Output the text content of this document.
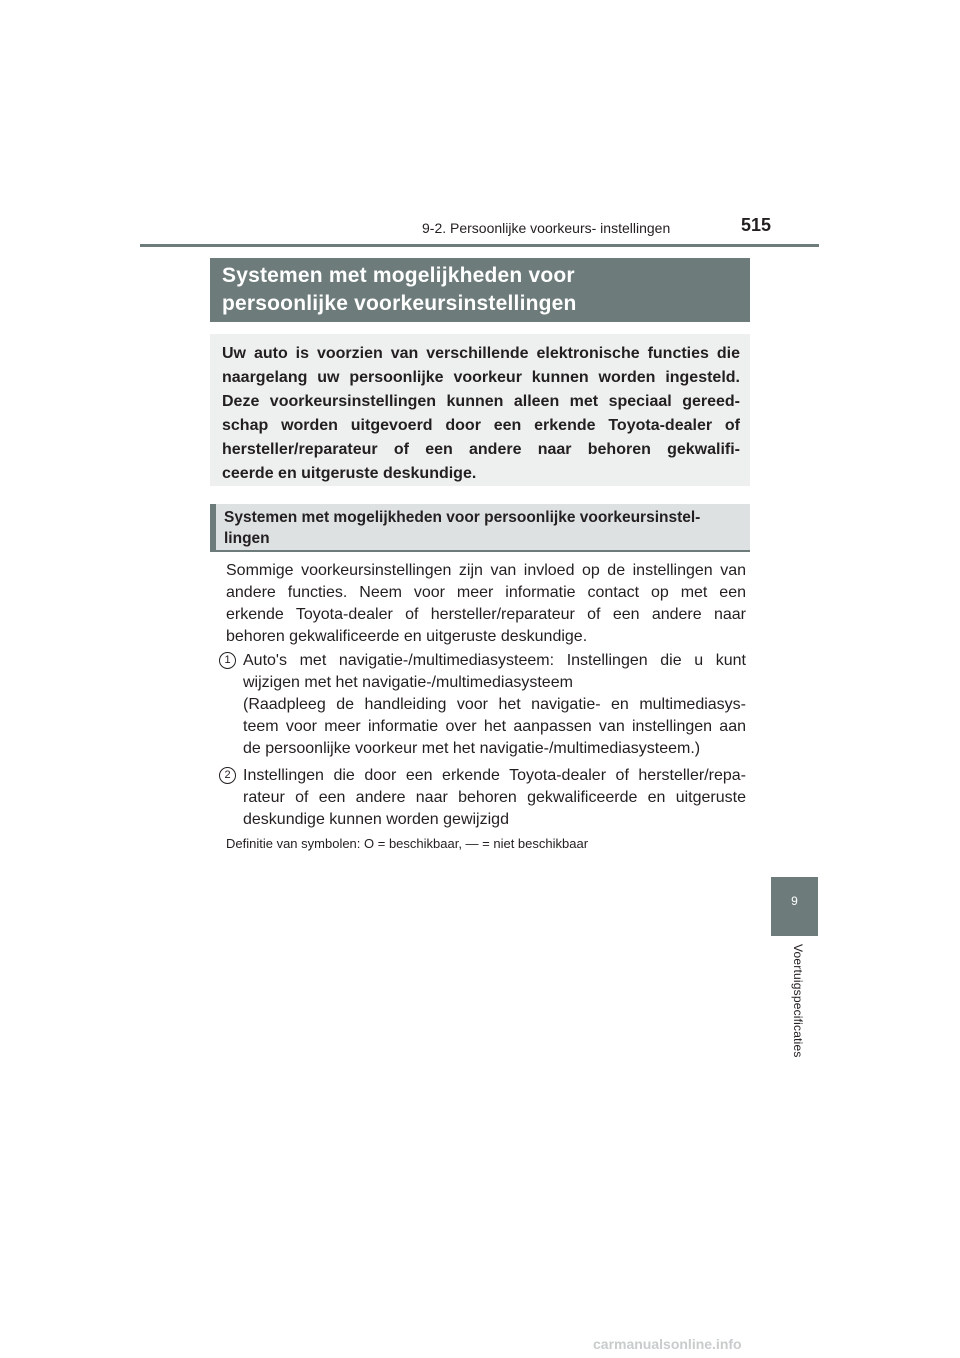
9-2. Persoonlijke voorkeurs- instellingen	515
Systemen met mogelijkheden voor
persoonlijke voorkeursinstellingen
Uw auto is voorzien van verschillende elektronische functies die
naargelang uw persoonlijke voorkeur kunnen worden ingesteld.
Deze voorkeursinstellingen kunnen alleen met speciaal gereed-
schap worden uitgevoerd door een erkende Toyota-dealer of
hersteller/reparateur of een andere naar behoren gekwalifi-
ceerde en uitgeruste deskundige.
Systemen met mogelijkheden voor persoonlijke voorkeursinstel-
lingen
Sommige voorkeursinstellingen zijn van invloed op de instellingen van
andere functies. Neem voor meer informatie contact op met een
erkende Toyota-dealer of hersteller/reparateur of een andere naar
behoren gekwalificeerde en uitgeruste deskundige.
1 Auto's met navigatie-/multimediasysteem: Instellingen die u kunt
wijzigen met het navigatie-/multimediasysteem
(Raadpleeg de handleiding voor het navigatie- en multimediasys-
teem voor meer informatie over het aanpassen van instellingen aan
de persoonlijke voorkeur met het navigatie-/multimediasysteem.)
2 Instellingen die door een erkende Toyota-dealer of hersteller/repa-
rateur of een andere naar behoren gekwalificeerde en uitgeruste
deskundige kunnen worden gewijzigd
Definitie van symbolen: O = beschikbaar, — = niet beschikbaar
9
Voertuigspecificaties
carmanualsonline.info
